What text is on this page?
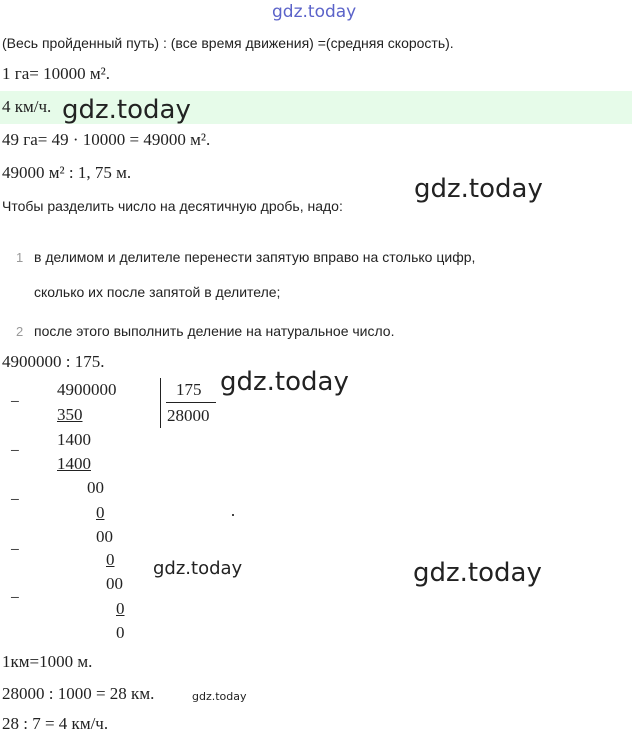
gdz.today
(Весь пройденный путь) : (все время движения) =(средняя скорость).
1 га= 10000 м².
4 км/ч. gdz.today
49 га= 49 · 10000 = 49000 м².
49000 м² : 1, 75 м.
gdz.today
Чтобы разделить число на десятичную дробь, надо:
1 в делимом и делителе перенести запятую вправо на столько цифр,
сколько их после запятой в делителе;
2 после этого выполнить деление на натуральное число.
4900000 : 175.
4900000	175
28000
−
350
1400
−
1400
00
−
0
00
−
0
00
−
0
0
gdz.today
gdz.today	gdz.today
1км=1000 м.
28000 : 1000 = 28 км.	gdz.today
28 : 7 = 4 км/ч.
